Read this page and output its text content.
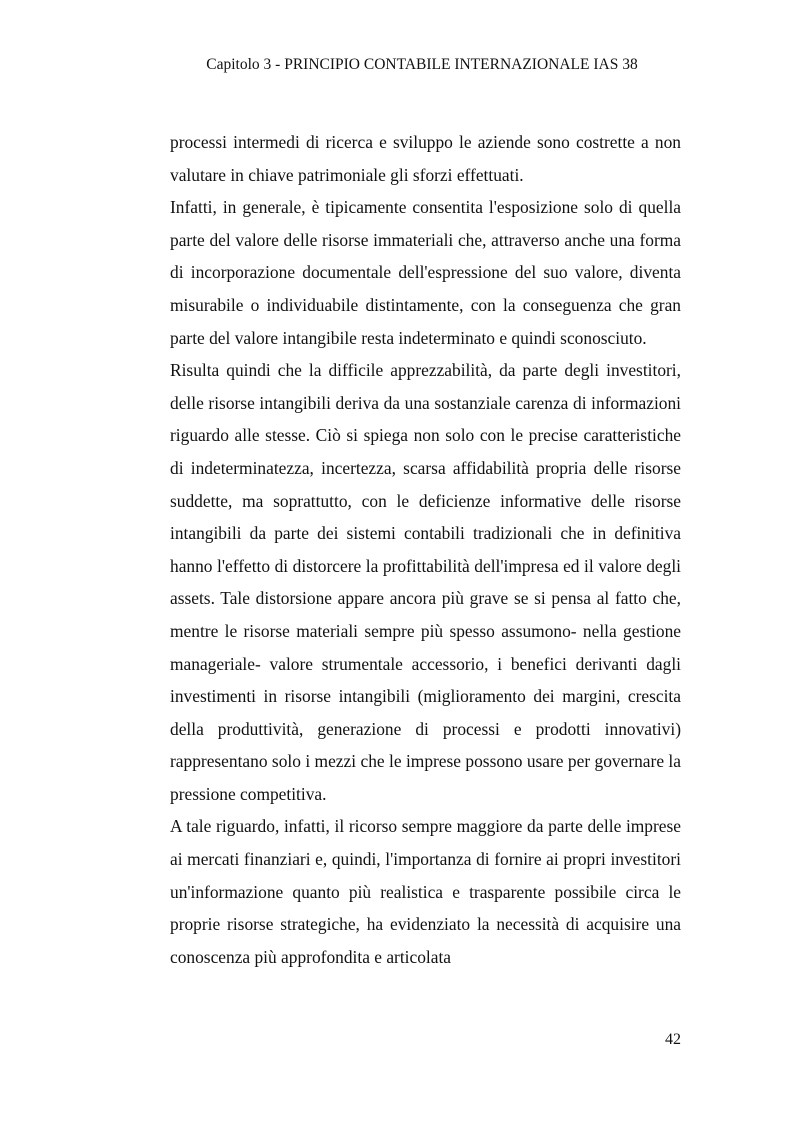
Capitolo 3 - PRINCIPIO CONTABILE INTERNAZIONALE IAS 38

processi intermedi di ricerca e sviluppo le aziende sono costrette a non valutare in chiave patrimoniale gli sforzi effettuati.

Infatti, in generale, è tipicamente consentita l'esposizione solo di quella parte del valore delle risorse immateriali che, attraverso anche una forma di incorporazione documentale dell'espressione del suo valore, diventa misurabile o individuabile distintamente, con la conseguenza che gran parte del valore intangibile resta indeterminato e quindi sconosciuto.

Risulta quindi che la difficile apprezzabilità, da parte degli investitori, delle risorse intangibili deriva da una sostanziale carenza di informazioni riguardo alle stesse. Ciò si spiega non solo con le precise caratteristiche di indeterminatezza, incertezza, scarsa affidabilità propria delle risorse suddette, ma soprattutto, con le deficienze informative delle risorse intangibili da parte dei sistemi contabili tradizionali che in definitiva hanno l'effetto di distorcere la profittabilità dell'impresa ed il valore degli assets. Tale distorsione appare ancora più grave se si pensa al fatto che, mentre le risorse materiali sempre più spesso assumono- nella gestione manageriale- valore strumentale accessorio, i benefici derivanti dagli investimenti in risorse intangibili (miglioramento dei margini, crescita della produttività, generazione di processi e prodotti innovativi) rappresentano solo i mezzi che le imprese possono usare per governare la pressione competitiva.

A tale riguardo, infatti, il ricorso sempre maggiore da parte delle imprese ai mercati finanziari e, quindi, l'importanza di fornire ai propri investitori un'informazione quanto più realistica e trasparente possibile circa le proprie risorse strategiche, ha evidenziato la necessità di acquisire una conoscenza più approfondita e articolata

42
